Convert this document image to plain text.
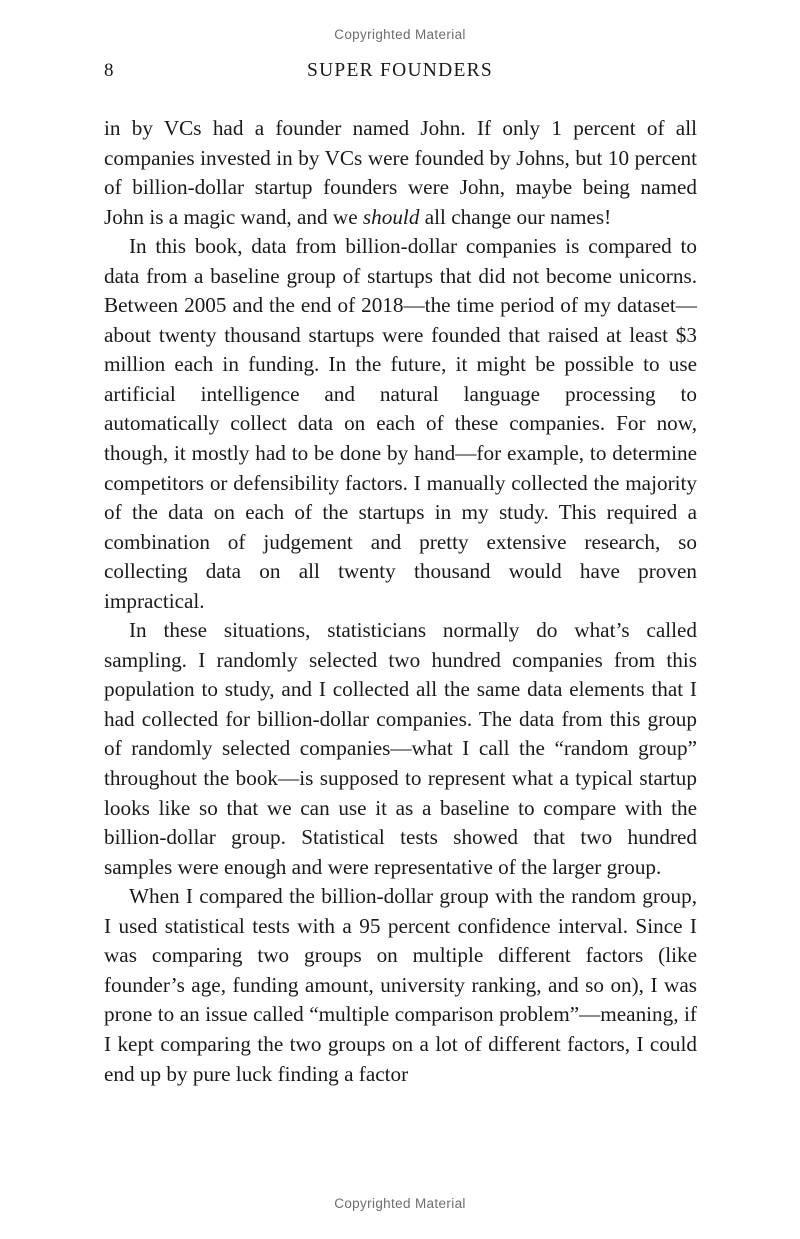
Copyrighted Material
8	SUPER FOUNDERS

in by VCs had a founder named John. If only 1 percent of all companies invested in by VCs were founded by Johns, but 10 percent of billion-dollar startup founders were John, maybe being named John is a magic wand, and we should all change our names!

In this book, data from billion-dollar companies is compared to data from a baseline group of startups that did not become unicorns. Between 2005 and the end of 2018—the time period of my dataset—about twenty thousand startups were founded that raised at least $3 million each in funding. In the future, it might be possible to use artificial intelligence and natural language processing to automatically collect data on each of these companies. For now, though, it mostly had to be done by hand—for example, to determine competitors or defensibility factors. I manually collected the majority of the data on each of the startups in my study. This required a combination of judgement and pretty extensive research, so collecting data on all twenty thousand would have proven impractical.

In these situations, statisticians normally do what’s called sampling. I randomly selected two hundred companies from this population to study, and I collected all the same data elements that I had collected for billion-dollar companies. The data from this group of randomly selected companies—what I call the “random group” throughout the book—is supposed to represent what a typical startup looks like so that we can use it as a baseline to compare with the billion-dollar group. Statistical tests showed that two hundred samples were enough and were representative of the larger group.

When I compared the billion-dollar group with the random group, I used statistical tests with a 95 percent confidence interval. Since I was comparing two groups on multiple different factors (like founder’s age, funding amount, university ranking, and so on), I was prone to an issue called “multiple comparison problem”—meaning, if I kept comparing the two groups on a lot of different factors, I could end up by pure luck finding a factor

Copyrighted Material
